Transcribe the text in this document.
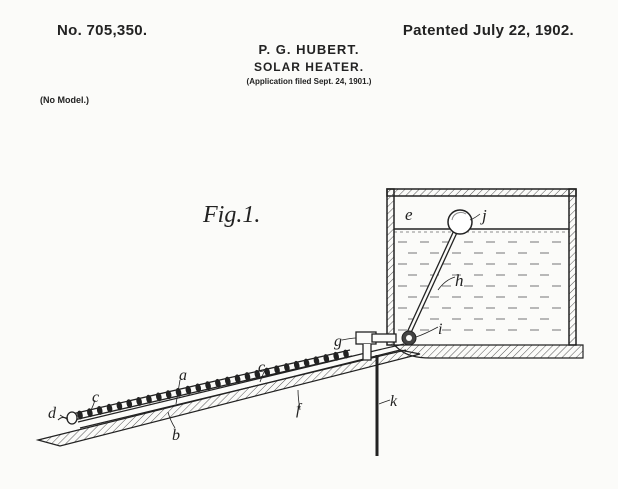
No. 705,350.	Patented July 22, 1902.
P. G. HUBERT.
SOLAR HEATER.
(Application filed Sept. 24, 1901.)
(No Model.)
Fig.1.
a
b
c
d
e
f
g
h
i
j
k
c
